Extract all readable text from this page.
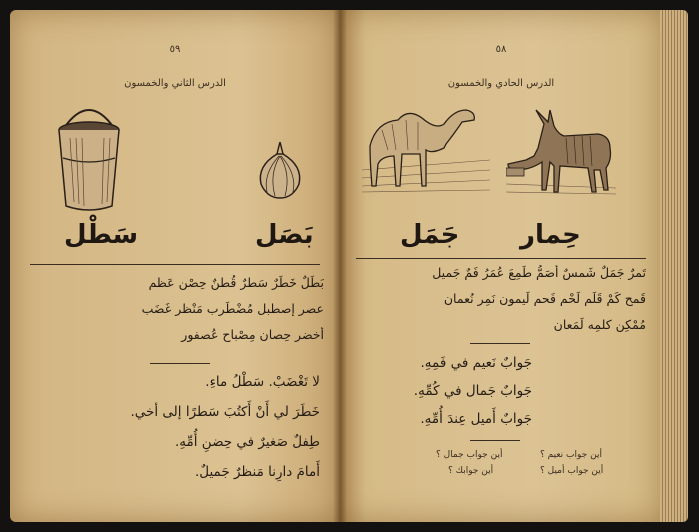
٥٩
الدرس الثاني والخمسون
سَطْل	بَصَل
بَطَلٌ خَطَرٌ سَطرٌ قُطنٌ حِصْن عَظم
عصر إصطبل مُضْطَرِب مَنْظر غَضَب
أخضر حِصان مِصْباح عُصفور
لا تَغْضَبْ. سَطْلُ ماءِ.
خَطَرَ لي أَنْ أَكتُبَ سَطرًا إلى أخي.
طِفلٌ صَغيرٌ في حِضنِ أُمِّهِ.
أَمامَ دارِنا مَنظرٌ جَميلٌ.
٥٨
الدرس الحادي والخمسون
جَمَل حِمار
تَمرٌ جَمَلٌ شَمسٌ أَصَمُّ طَمِعَ عُمَرُ فَمٌ جَميل
قَمح كَمْ قَلَم لَحْم فَحم لَيمون نَمِر نُعمان
مُمْكِن كلمِه لَمَعان
جَوابٌ نَعيم في فَمِهِ.
جَوابٌ جَمال في كُمِّهِ.
جَوابٌ أَميل عِندَ أُمِّهِ.
أين جواب نعيم ؟
أين جواب جمال ؟
أين جواب أميل ؟
أين جوابك ؟
